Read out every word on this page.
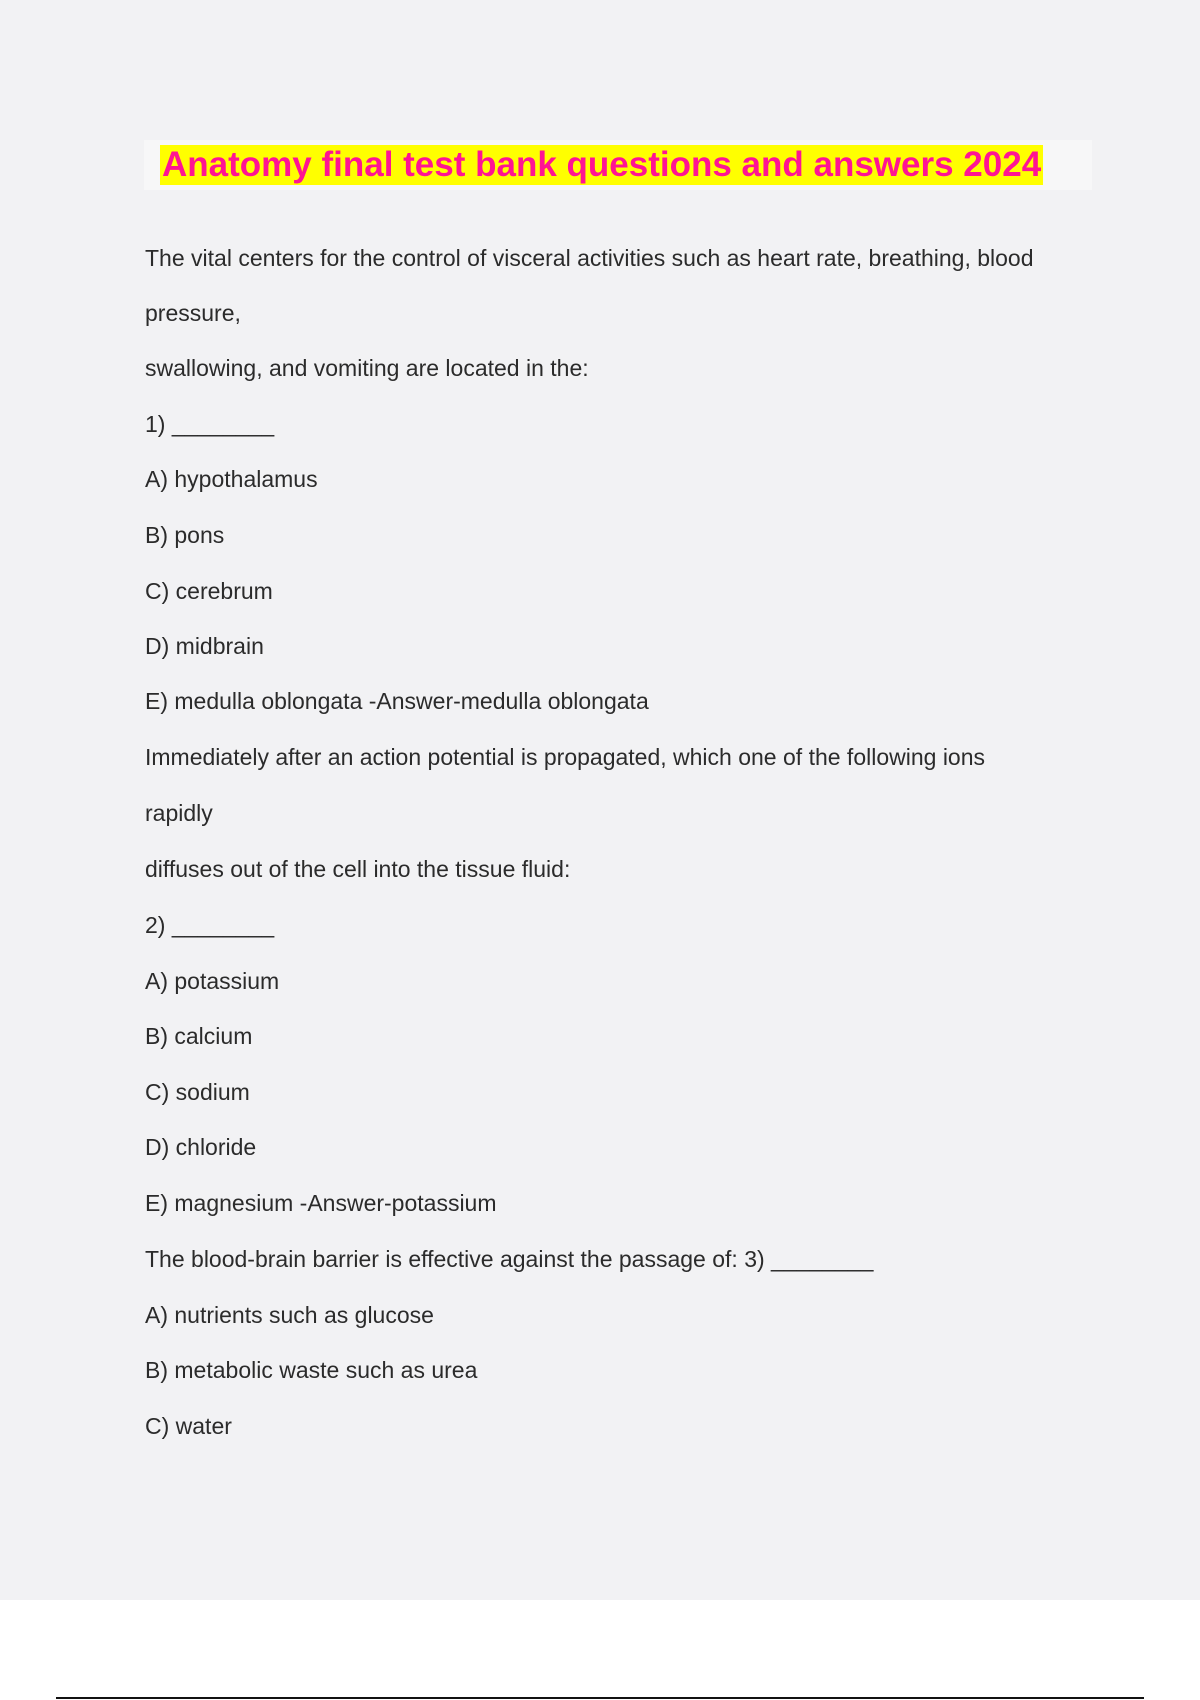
Anatomy final test bank questions and answers 2024
The vital centers for the control of visceral activities such as heart rate, breathing, blood
pressure,
swallowing, and vomiting are located in the:
1) ________
A) hypothalamus
B) pons
C) cerebrum
D) midbrain
E) medulla oblongata -Answer-medulla oblongata
Immediately after an action potential is propagated, which one of the following ions
rapidly
diffuses out of the cell into the tissue fluid:
2) ________
A) potassium
B) calcium
C) sodium
D) chloride
E) magnesium -Answer-potassium
The blood-brain barrier is effective against the passage of: 3) ________
A) nutrients such as glucose
B) metabolic waste such as urea
C) water
